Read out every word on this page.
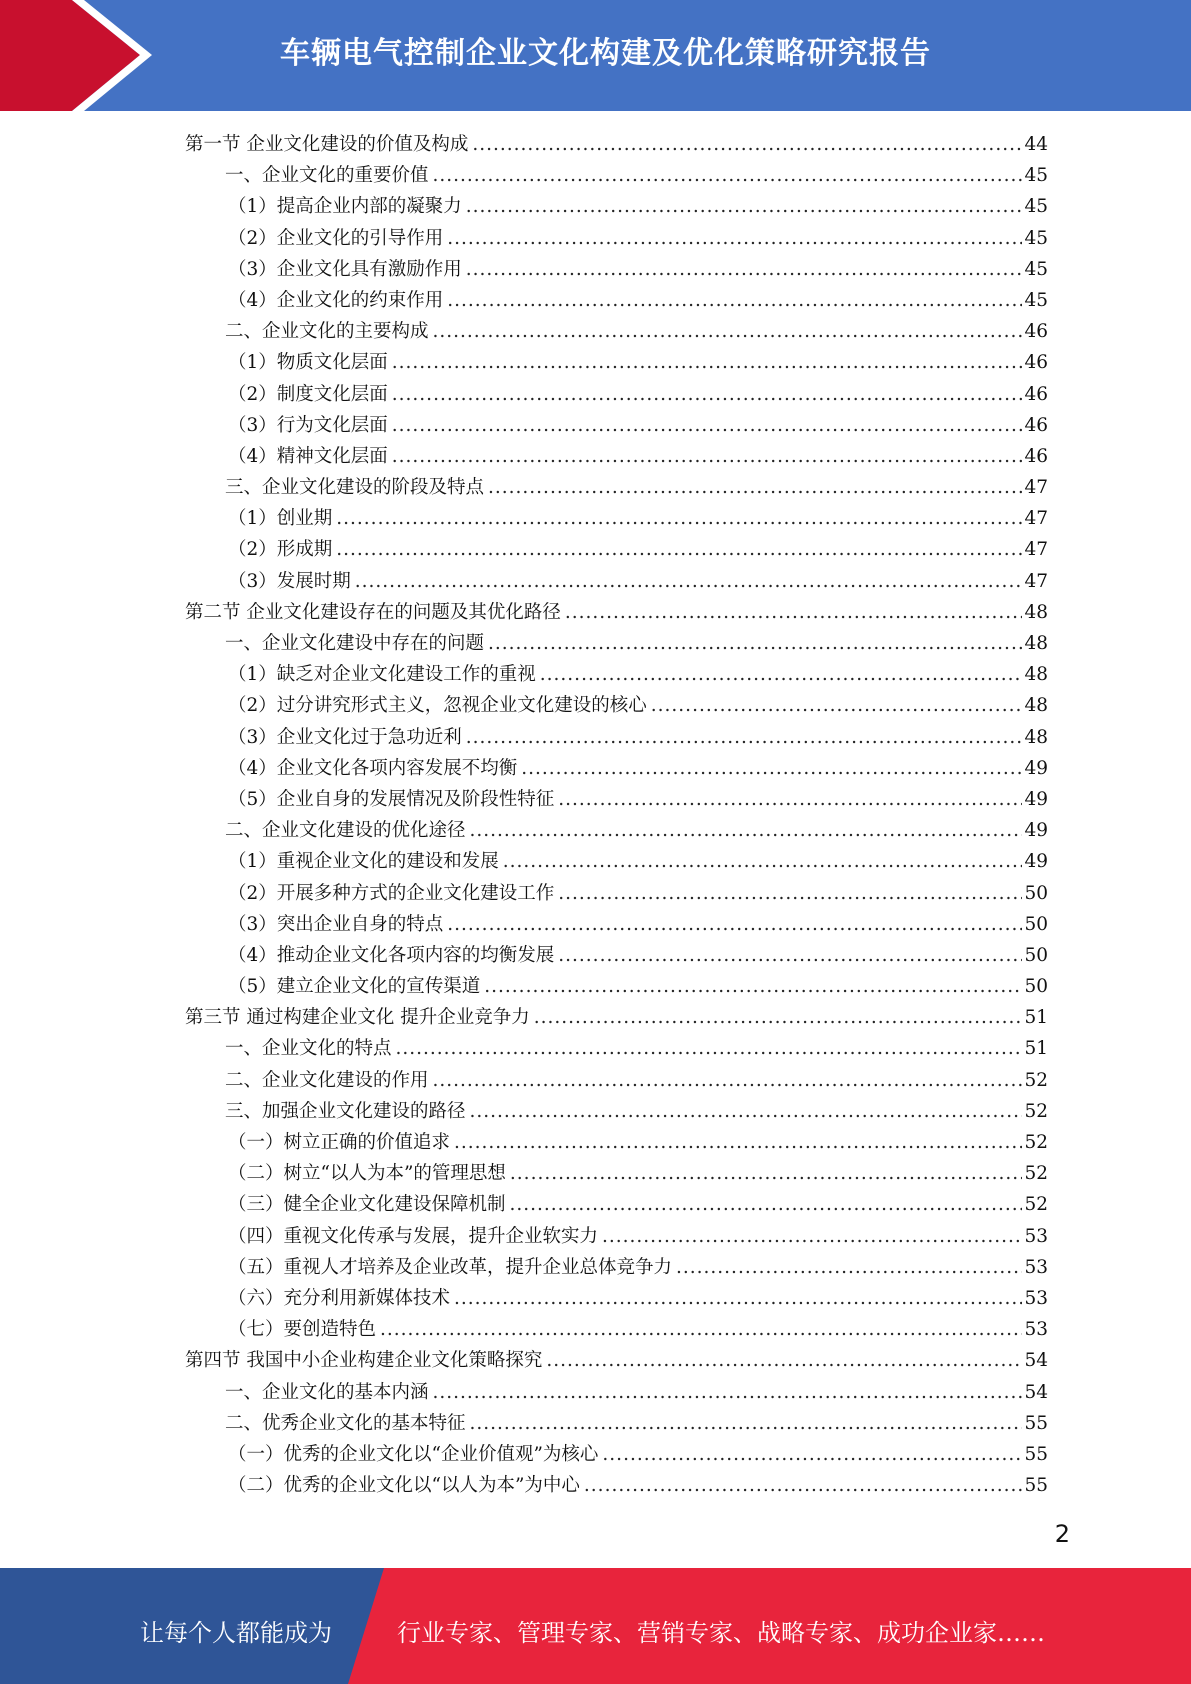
车辆电气控制企业文化构建及优化策略研究报告
第一节 企业文化建设的价值及构成 .....	44
一、企业文化的重要价值 .....	45
（1）提高企业内部的凝聚力 .....	45
（2）企业文化的引导作用 .....	45
（3）企业文化具有激励作用 .....	45
（4）企业文化的约束作用 .....	45
二、企业文化的主要构成 .....	46
（1）物质文化层面 .....	46
（2）制度文化层面 .....	46
（3）行为文化层面 .....	46
（4）精神文化层面 .....	46
三、企业文化建设的阶段及特点 .....	47
（1）创业期 .....	47
（2）形成期 .....	47
（3）发展时期 .....	47
第二节 企业文化建设存在的问题及其优化路径 .....	48
一、企业文化建设中存在的问题 .....	48
（1）缺乏对企业文化建设工作的重视 .....	48
（2）过分讲究形式主义，忽视企业文化建设的核心 .....	48
（3）企业文化过于急功近利 .....	48
（4）企业文化各项内容发展不均衡 .....	49
（5）企业自身的发展情况及阶段性特征 .....	49
二、企业文化建设的优化途径 .....	49
（1）重视企业文化的建设和发展 .....	49
（2）开展多种方式的企业文化建设工作 .....	50
（3）突出企业自身的特点 .....	50
（4）推动企业文化各项内容的均衡发展 .....	50
（5）建立企业文化的宣传渠道 .....	50
第三节 通过构建企业文化 提升企业竞争力 .....	51
一、企业文化的特点 .....	51
二、企业文化建设的作用 .....	52
三、加强企业文化建设的路径 .....	52
（一）树立正确的价值追求 .....	52
（二）树立“以人为本”的管理思想 .....	52
（三）健全企业文化建设保障机制 .....	52
（四）重视文化传承与发展，提升企业软实力 .....	53
（五）重视人才培养及企业改革，提升企业总体竞争力 .....	53
（六）充分利用新媒体技术 .....	53
（七）要创造特色 .....	53
第四节 我国中小企业构建企业文化策略探究 .....	54
一、企业文化的基本内涵 .....	54
二、优秀企业文化的基本特征 .....	55
（一）优秀的企业文化以“企业价值观”为核心 .....	55
（二）优秀的企业文化以“以人为本”为中心 .....	55
2
让每个人都能成为	行业专家、管理专家、营销专家、战略专家、成功企业家……
